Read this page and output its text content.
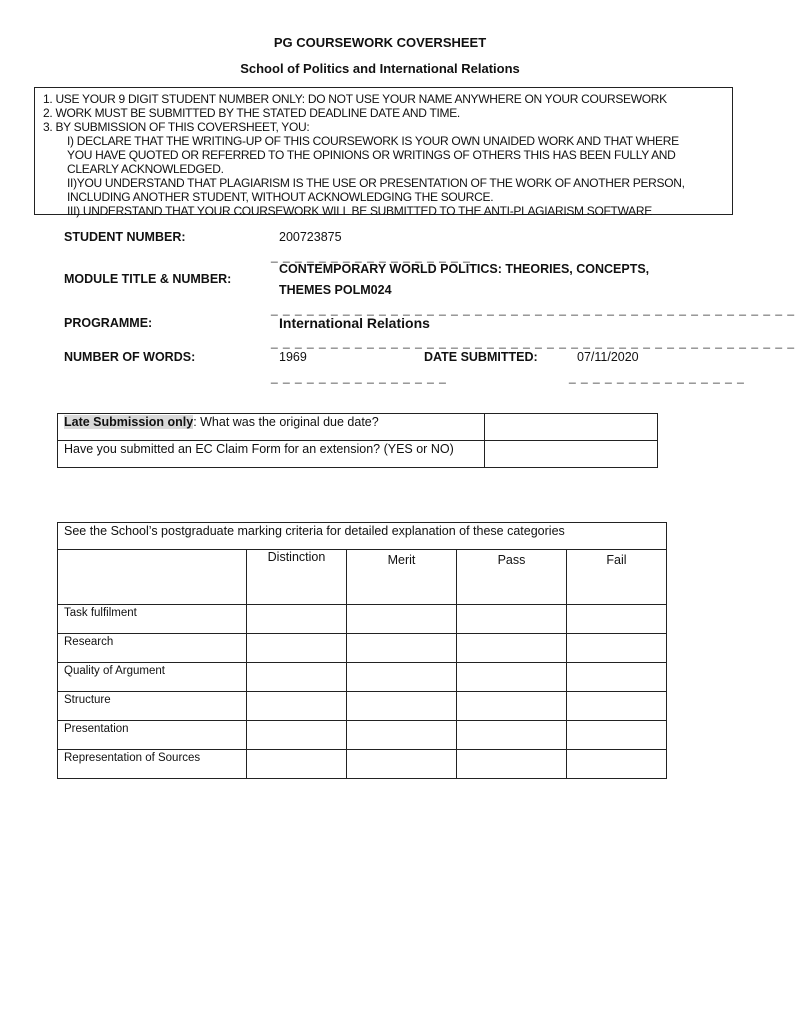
PG COURSEWORK COVERSHEET
School of Politics and International Relations
1. USE YOUR 9 DIGIT STUDENT NUMBER ONLY: DO NOT USE YOUR NAME ANYWHERE ON YOUR COURSEWORK
2. WORK MUST BE SUBMITTED BY THE STATED DEADLINE DATE AND TIME.
3. BY SUBMISSION OF THIS COVERSHEET, YOU:
I) DECLARE THAT THE WRITING-UP OF THIS COURSEWORK IS YOUR OWN UNAIDED WORK AND THAT WHERE
YOU HAVE QUOTED OR REFERRED TO THE OPINIONS OR WRITINGS OF OTHERS THIS HAS BEEN FULLY AND
CLEARLY ACKNOWLEDGED.
II)YOU UNDERSTAND THAT PLAGIARISM IS THE USE OR PRESENTATION OF THE WORK OF ANOTHER PERSON,
INCLUDING ANOTHER STUDENT, WITHOUT ACKNOWLEDGING THE SOURCE.
III) UNDERSTAND THAT YOUR COURSEWORK WILL BE SUBMITTED TO THE ANTI-PLAGIARISM SOFTWARE
STUDENT NUMBER:	200723875
_ _ _ _ _ _ _ _ _ _ _ _ _ _ _ _ _
MODULE TITLE & NUMBER:
CONTEMPORARY WORLD POLITICS: THEORIES, CONCEPTS,
THEMES POLM024
_ _ _ _ _ _ _ _ _ _ _ _ _ _ _ _ _ _ _ _ _ _ _ _ _ _ _ _ _ _ _ _ _ _ _ _ _ _ _ _ _ _ _ _
PROGRAMME:	International Relations
_ _ _ _ _ _ _ _ _ _ _ _ _ _ _ _ _ _ _ _ _ _ _ _ _ _ _ _ _ _ _ _ _ _ _ _ _ _ _ _ _ _ _ _
NUMBER OF WORDS:	1969	DATE SUBMITTED:	07/11/2020
_ _ _ _ _ _ _ _ _ _ _ _ _ _ _	_ _ _ _ _ _ _ _ _ _ _ _ _ _ _
Late Submission only: What was the original due date?	
Have you submitted an EC Claim Form for an extension? (YES or NO)	
See the School’s postgraduate marking criteria for detailed explanation of these categories				
	Distinction	Merit	Pass	Fail
Task fulfilment				
Research				
Quality of Argument				
Structure				
Presentation				
Representation of Sources				
